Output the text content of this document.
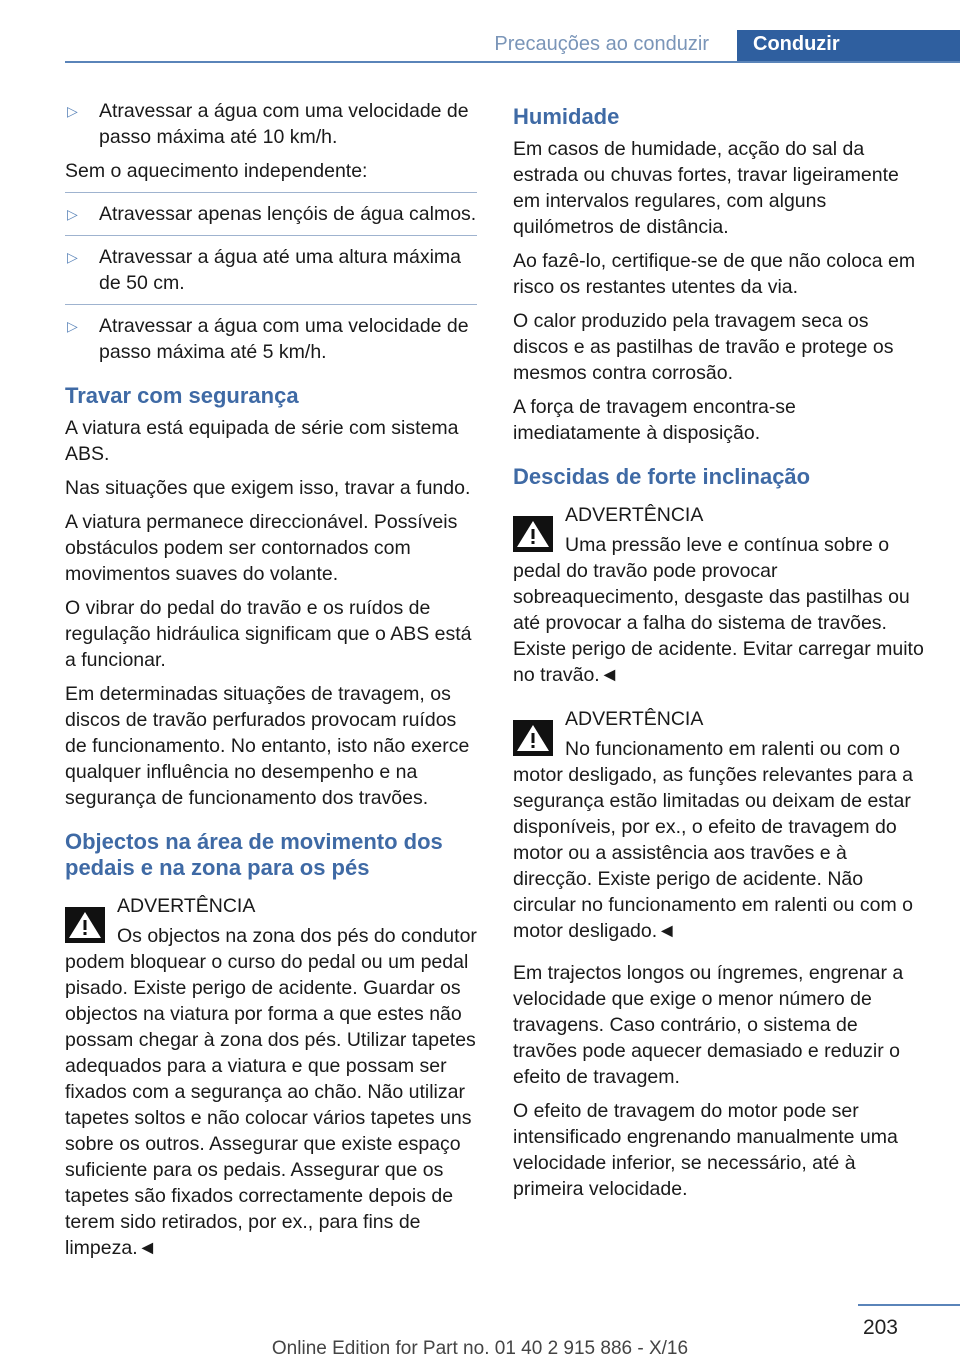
Precauções ao conduzir	Conduzir
▷ Atravessar a água com uma velocidade de passo máxima até 10 km/h.

Sem o aquecimento independente:

▷ Atravessar apenas lençóis de água calmos.
▷ Atravessar a água até uma altura máxima de 50 cm.
▷ Atravessar a água com uma velocidade de passo máxima até 5 km/h.
Travar com segurança

A viatura está equipada de série com sistema ABS.

Nas situações que exigem isso, travar a fundo.

A viatura permanece direccionável. Possíveis obstáculos podem ser contornados com movimentos suaves do volante.

O vibrar do pedal do travão e os ruídos de regulação hidráulica significam que o ABS está a funcionar.

Em determinadas situações de travagem, os discos de travão perfurados provocam ruídos de funcionamento. No entanto, isto não exerce qualquer influência no desempenho e na segurança de funcionamento dos travões.

Objectos na área de movimento dos pedais e na zona para os pés
ADVERTÊNCIA
Os objectos na zona dos pés do condutor podem bloquear o curso do pedal ou um pedal pisado. Existe perigo de acidente. Guardar os objectos na viatura por forma a que estes não possam chegar à zona dos pés. Utilizar tapetes adequados para a viatura e que possam ser fixados com a segurança ao chão. Não utilizar tapetes soltos e não colocar vários tapetes uns sobre os outros. Assegurar que existe espaço suficiente para os pedais. Assegurar que os tapetes são fixados correctamente depois de terem sido retirados, por ex., para fins de limpeza.◄
Humidade

Em casos de humidade, acção do sal da estrada ou chuvas fortes, travar ligeiramente em intervalos regulares, com alguns quilómetros de distância.

Ao fazê-lo, certifique-se de que não coloca em risco os restantes utentes da via.

O calor produzido pela travagem seca os discos e as pastilhas de travão e protege os mesmos contra corrosão.

A força de travagem encontra-se imediatamente à disposição.

Descidas de forte inclinação
ADVERTÊNCIA
Uma pressão leve e contínua sobre o pedal do travão pode provocar sobreaquecimento, desgaste das pastilhas ou até provocar a falha do sistema de travões. Existe perigo de acidente. Evitar carregar muito no travão.◄
ADVERTÊNCIA
No funcionamento em ralenti ou com o motor desligado, as funções relevantes para a segurança estão limitadas ou deixam de estar disponíveis, por ex., o efeito de travagem do motor ou a assistência aos travões e à direcção. Existe perigo de acidente. Não circular no funcionamento em ralenti ou com o motor desligado.◄

Em trajectos longos ou íngremes, engrenar a velocidade que exige o menor número de travagens. Caso contrário, o sistema de travões pode aquecer demasiado e reduzir o efeito de travagem.

O efeito de travagem do motor pode ser intensificado engrenando manualmente uma velocidade inferior, se necessário, até à primeira velocidade.

203
Online Edition for Part no. 01 40 2 915 886 - X/16
